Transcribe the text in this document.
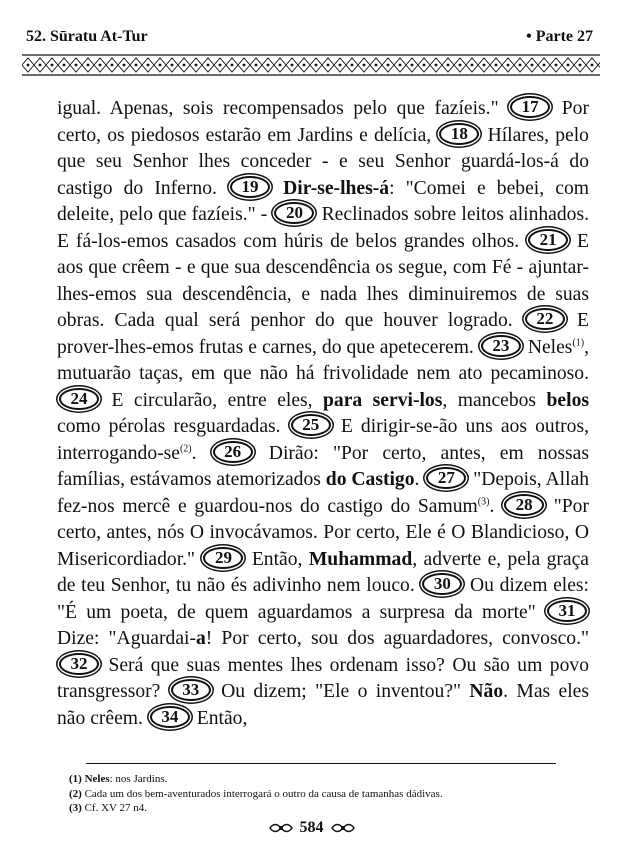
52. Sūratu At-Tur	• Parte 27
igual. Apenas, sois recompensados pelo que fazíeis." 17 Por certo, os piedosos estarão em Jardins e delícia, 18 Hílares, pelo que seu Senhor lhes conceder - e seu Senhor guardá-los-á do castigo do Inferno. 19 Dir-se-lhes-á: "Comei e bebei, com deleite, pelo que fazíeis." - 20 Reclinados sobre leitos alinhados. E fá-los-emos casados com húris de belos grandes olhos. 21 E aos que crêem - e que sua descendência os segue, com Fé - ajuntar-lhes-emos sua descendência, e nada lhes diminuiremos de suas obras. Cada qual será penhor do que houver logrado. 22 E prover-lhes-emos frutas e carnes, do que apetecerem. 23 Neles$^{(1)}$, mutuarão taças, em que não há frivolidade nem ato pecaminoso. 24 E circularão, entre eles, para servi-los, mancebos belos como pérolas resguardadas. 25 E dirigir-se-ão uns aos outros, interrogando-$se^{(2)}$. 26 Dirão: "Por certo, antes, em nossas famílias, estávamos atemorizados do Castigo. 27 "Depois, Allah fez-nos mercê e guardou-nos do castigo do Samum$^{(3)}$. 28 "Por certo, antes, nós O invocávamos. Por certo, Ele é O Blandicioso, O Misericordiador." 29 Então, Muhammad, adverte e, pela graça de teu Senhor, tu não és adivinho nem louco. 30 Ou dizem eles: "É um poeta, de quem aguardamos a surpresa da morte" 31 Dize: "Aguardai-a! Por certo, sou dos aguardadores, convosco." 32 Será que suas mentes lhes ordenam isso? Ou são um povo transgressor? 33 Ou dizem; "Ele o inventou?" Não. Mas eles não crêem. 34 Então,
(1) Neles: nos Jardins.
(2) Cada um dos bem-aventurados interrogará o outro da causa de tamanhas dádivas.
(3) Cf. XV 27 n4.
584
